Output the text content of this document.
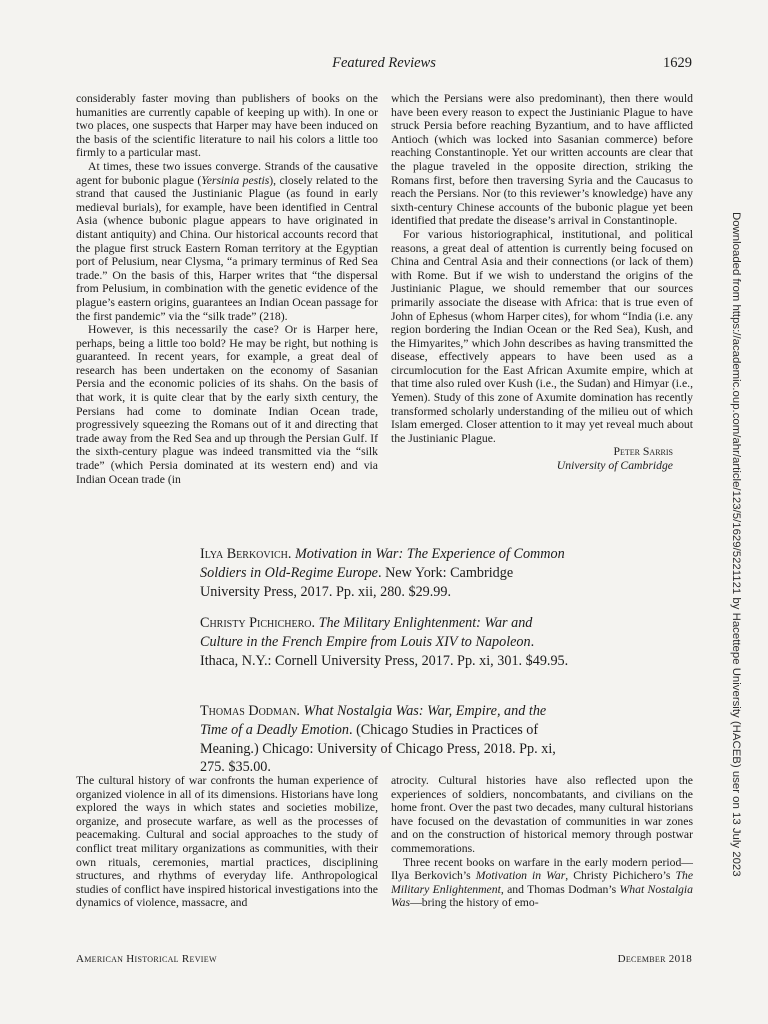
Featured Reviews	1629

considerably faster moving than publishers of books on the humanities are currently capable of keeping up with). In one or two places, one suspects that Harper may have been induced on the basis of the scientific literature to nail his colors a little too firmly to a particular mast.

At times, these two issues converge. Strands of the causative agent for bubonic plague (Yersinia pestis), closely related to the strand that caused the Justinianic Plague (as found in early medieval burials), for example, have been identified in Central Asia (whence bubonic plague appears to have originated in distant antiquity) and China. Our historical accounts record that the plague first struck Eastern Roman territory at the Egyptian port of Pelusium, near Clysma, “a primary terminus of Red Sea trade.” On the basis of this, Harper writes that “the dispersal from Pelusium, in combination with the genetic evidence of the plague’s eastern origins, guarantees an Indian Ocean passage for the first pandemic” via the “silk trade” (218).

However, is this necessarily the case? Or is Harper here, perhaps, being a little too bold? He may be right, but nothing is guaranteed. In recent years, for example, a great deal of research has been undertaken on the economy of Sasanian Persia and the economic policies of its shahs. On the basis of that work, it is quite clear that by the early sixth century, the Persians had come to dominate Indian Ocean trade, progressively squeezing the Romans out of it and directing that trade away from the Red Sea and up through the Persian Gulf. If the sixth-century plague was indeed transmitted via the “silk trade” (which Persia dominated at its western end) and via Indian Ocean trade (in

which the Persians were also predominant), then there would have been every reason to expect the Justinianic Plague to have struck Persia before reaching Byzantium, and to have afflicted Antioch (which was locked into Sasanian commerce) before reaching Constantinople. Yet our written accounts are clear that the plague traveled in the opposite direction, striking the Romans first, before then traversing Syria and the Caucasus to reach the Persians. Nor (to this reviewer’s knowledge) have any sixth-century Chinese accounts of the bubonic plague yet been identified that predate the disease’s arrival in Constantinople.

For various historiographical, institutional, and political reasons, a great deal of attention is currently being focused on China and Central Asia and their connections (or lack of them) with Rome. But if we wish to understand the origins of the Justinianic Plague, we should remember that our sources primarily associate the disease with Africa: that is true even of John of Ephesus (whom Harper cites), for whom “India (i.e. any region bordering the Indian Ocean or the Red Sea), Kush, and the Himyarites,” which John describes as having transmitted the disease, effectively appears to have been used as a circumlocution for the East African Axumite empire, which at that time also ruled over Kush (i.e., the Sudan) and Himyar (i.e., Yemen). Study of this zone of Axumite domination has recently transformed scholarly understanding of the milieu out of which Islam emerged. Closer attention to it may yet reveal much about the Justinianic Plague.

Peter Sarris

University of Cambridge

Ilya Berkovich. Motivation in War: The Experience of Common Soldiers in Old-Regime Europe. New York: Cambridge University Press, 2017. Pp. xii, 280. $29.99.
Christy Pichichero. The Military Enlightenment: War and Culture in the French Empire from Louis XIV to Napoleon. Ithaca, N.Y.: Cornell University Press, 2017. Pp. xi, 301. $49.95.
Thomas Dodman. What Nostalgia Was: War, Empire, and the Time of a Deadly Emotion. (Chicago Studies in Practices of Meaning.) Chicago: University of Chicago Press, 2018. Pp. xi, 275. $35.00.

The cultural history of war confronts the human experience of organized violence in all of its dimensions. Historians have long explored the ways in which states and societies mobilize, organize, and prosecute warfare, as well as the processes of peacemaking. Cultural and social approaches to the study of conflict treat military organizations as communities, with their own rituals, ceremonies, martial practices, disciplining structures, and rhythms of everyday life. Anthropological studies of conflict have inspired historical investigations into the dynamics of violence, massacre, and

atrocity. Cultural histories have also reflected upon the experiences of soldiers, noncombatants, and civilians on the home front. Over the past two decades, many cultural historians have focused on the devastation of communities in war zones and on the construction of historical memory through postwar commemorations.

Three recent books on warfare in the early modern period—Ilya Berkovich’s Motivation in War, Christy Pichichero’s The Military Enlightenment, and Thomas Dodman’s What Nostalgia Was—bring the history of emo-

Downloaded from https://academic.oup.com/ahr/article/123/5/1629/5221121 by Hacettepe University (HACEB) user on 13 July 2023
American Historical Review	December 2018
